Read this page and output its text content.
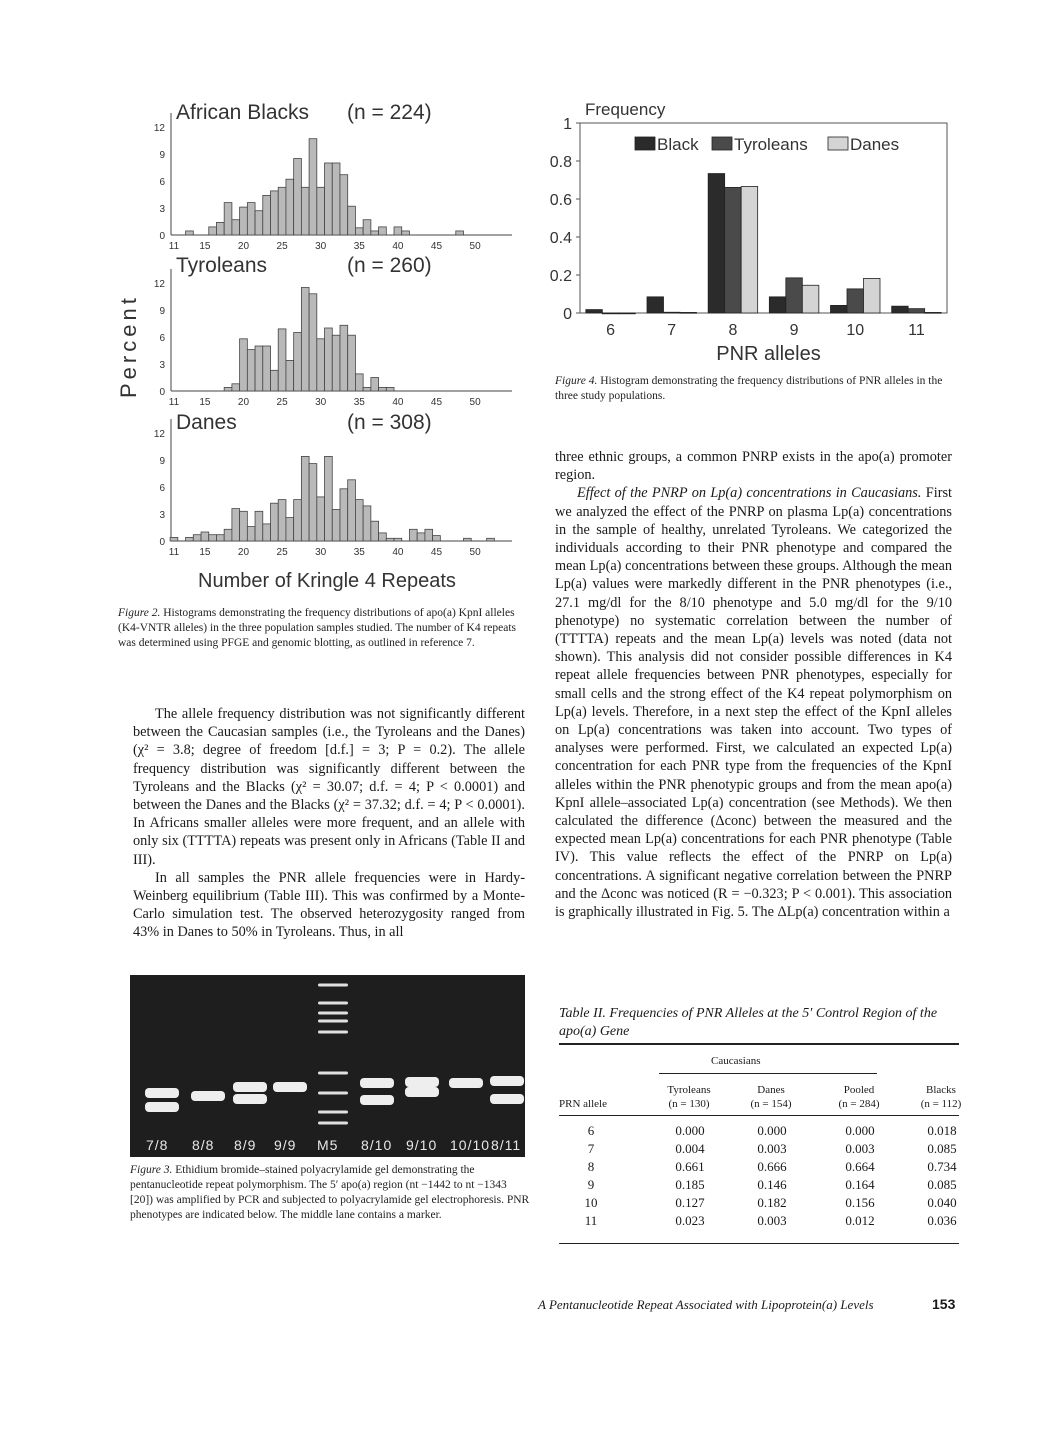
Percent
African Blacks (n = 224)
0
3
6
9
12
11 15	20	25	30	35	40	45	50
Tyroleans	(n = 260)
0
3
6
9
12
11 15	20	25	30	35	40	45	50
Danes	(n = 308)
0
3
6
9
12
11 15	20	25	30	35	40	45	50
Number of Kringle 4 Repeats
Figure 2. Histograms demonstrating the frequency distributions of apo(a) KpnI alleles (K4-VNTR alleles) in the three population samples studied. The number of K4 repeats was determined using PFGE and genomic blotting, as outlined in reference 7.
Frequency
0
0.2
0.4
0.6
0.8
1
6	7	8	9	10	11
PNR alleles
Black Tyroleans Danes
Figure 4. Histogram demonstrating the frequency distributions of PNR alleles in the three study populations.

The allele frequency distribution was not significantly different between the Caucasian samples (i.e., the Tyroleans and the Danes) (χ² = 3.8; degree of freedom [d.f.] = 3; P = 0.2). The allele frequency distribution was significantly different between the Tyroleans and the Blacks (χ² = 30.07; d.f. = 4; P < 0.0001) and between the Danes and the Blacks (χ² = 37.32; d.f. = 4; P < 0.0001). In Africans smaller alleles were more frequent, and an allele with only six (TTTTA) repeats was present only in Africans (Table II and III).

In all samples the PNR allele frequencies were in Hardy-Weinberg equilibrium (Table III). This was confirmed by a Monte-Carlo simulation test. The observed heterozygosity ranged from 43% in Danes to 50% in Tyroleans. Thus, in all

three ethnic groups, a common PNRP exists in the apo(a) promoter region.

Effect of the PNRP on Lp(a) concentrations in Caucasians. First we analyzed the effect of the PNRP on plasma Lp(a) concentrations in the sample of healthy, unrelated Tyroleans. We categorized the individuals according to their PNR phenotype and compared the mean Lp(a) concentrations between these groups. Although the mean Lp(a) values were markedly different in the PNR phenotypes (i.e., 27.1 mg/dl for the 8/10 phenotype and 5.0 mg/dl for the 9/10 phenotype) no systematic correlation between the number of (TTTTA) repeats and the mean Lp(a) levels was noted (data not shown). This analysis did not consider possible differences in K4 repeat allele frequencies between PNR phenotypes, especially for small cells and the strong effect of the K4 repeat polymorphism on Lp(a) levels. Therefore, in a next step the effect of the KpnI alleles on Lp(a) concentrations was taken into account. Two types of analyses were performed. First, we calculated an expected Lp(a) concentration for each PNR type from the frequencies of the KpnI alleles within the PNR phenotypic groups and from the mean apo(a) KpnI allele–associated Lp(a) concentration (see Methods). We then calculated the difference (Δconc) between the measured and the expected mean Lp(a) concentrations for each PNR phenotype (Table IV). This value reflects the effect of the PNRP on Lp(a) concentrations. A significant negative correlation between the PNRP and the Δconc was noticed (R = −0.323; P < 0.001). This association is graphically illustrated in Fig. 5. The ΔLp(a) concentration within a

7/8 8/8 8/9 9/9 M5 8/10 9/10 10/10 8/11
Figure 3. Ethidium bromide–stained polyacrylamide gel demonstrating the pentanucleotide repeat polymorphism. The 5′ apo(a) region (nt −1442 to nt −1343 [20]) was amplified by PCR and subjected to polyacrylamide gel electrophoresis. PNR phenotypes are indicated below. The middle lane contains a marker.
Table II. Frequencies of PNR Alleles at the 5′ Control Region of the apo(a) Gene
Caucasians
PRN allele
Tyroleans
(n = 130)
Danes
(n = 154)
Pooled
(n = 284)
Blacks
(n = 112)
6	0.000	0.000	0.000	0.018
7	0.004	0.003	0.003	0.085
8	0.661	0.666	0.664	0.734
9	0.185	0.146	0.164	0.085
10	0.127	0.182	0.156	0.040
11	0.023	0.003	0.012	0.036
A Pentanucleotide Repeat Associated with Lipoprotein(a) Levels	153
